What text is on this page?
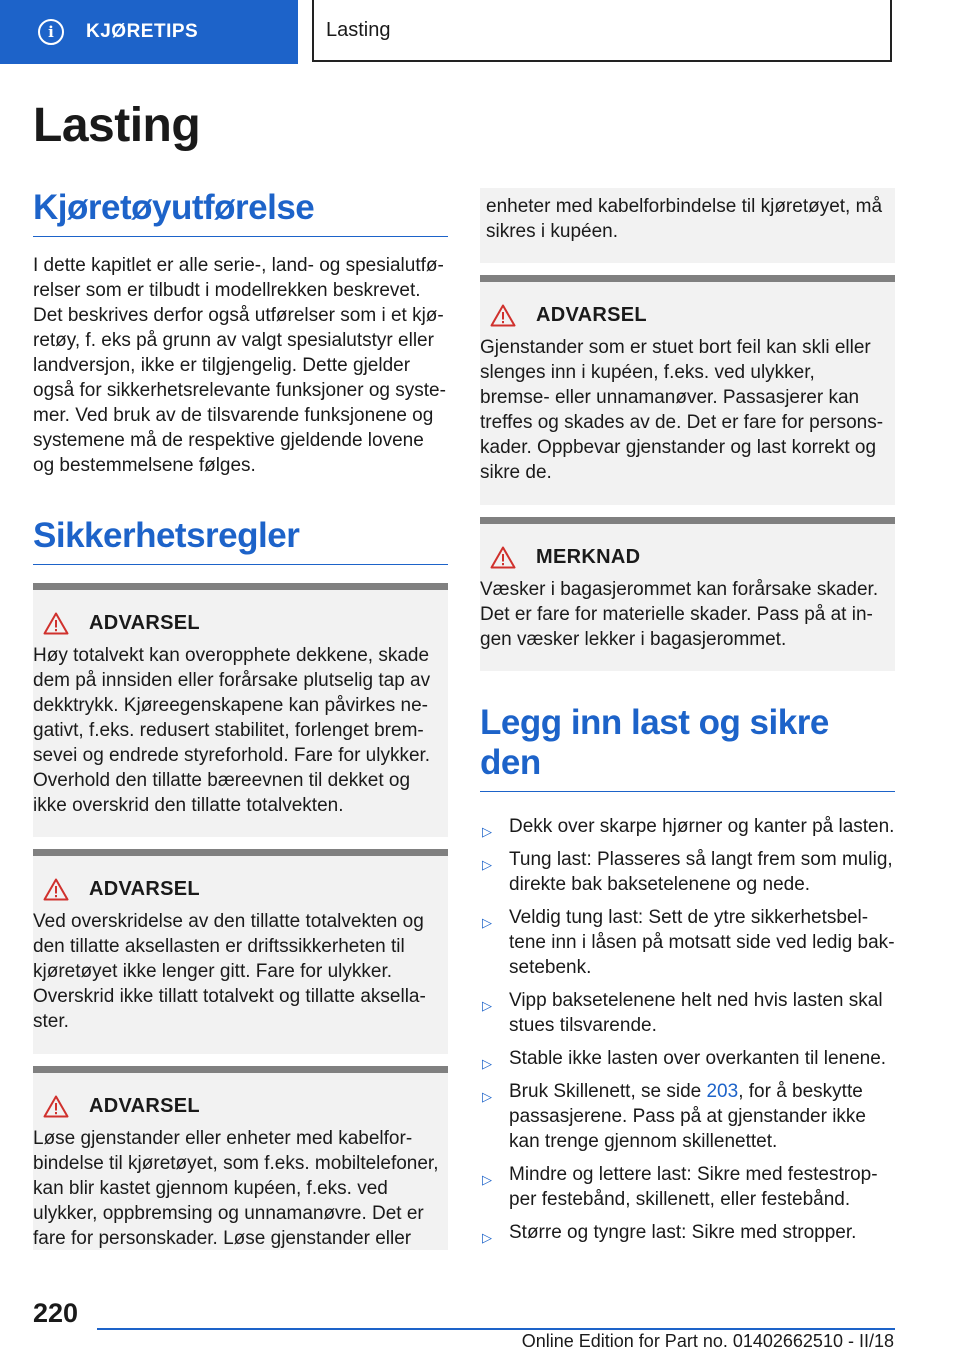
i	KJØRETIPS	Lasting
Lasting
Kjøretøyutførelse

I dette kapitlet er alle serie-, land- og spesialutførelser som er tilbudt i modellrekken beskrevet. Det beskrives derfor også utførelser som i et kjøretøy, f. eks på grunn av valgt spesialutstyr eller landversjon, ikke er tilgjengelig. Dette gjelder også for sikkerhetsrelevante funksjoner og systemer. Ved bruk av de tilsvarende funksjonene og systemene må de respektive gjeldende lovene og bestemmelsene følges.

Sikkerhetsregler
ADVARSEL

Høy totalvekt kan overopphete dekkene, skade dem på innsiden eller forårsake plutselig tap av dekktrykk. Kjøreegenskapene kan påvirkes negativt, f.eks. redusert stabilitet, forlenget bremsevei og endrede styreforhold. Fare for ulykker. Overhold den tillatte bæreevnen til dekket og ikke overskrid den tillatte totalvekten.

ADVARSEL

Ved overskridelse av den tillatte totalvekten og den tillatte aksellasten er driftssikkerheten til kjøretøyet ikke lenger gitt. Fare for ulykker. Overskrid ikke tillatt totalvekt og tillatte aksellaster.

ADVARSEL

Løse gjenstander eller enheter med kabelforbindelse til kjøretøyet, som f.eks. mobiltelefoner, kan blir kastet gjennom kupéen, f.eks. ved ulykker, oppbremsing og unnamanøvre. Det er fare for personskader. Løse gjenstander eller

enheter med kabelforbindelse til kjøretøyet, må sikres i kupéen.

ADVARSEL

Gjenstander som er stuet bort feil kan skli eller slenges inn i kupéen, f.eks. ved ulykker, bremse- eller unnamanøver. Passasjerer kan treffes og skades av de. Det er fare for personskader. Oppbevar gjenstander og last korrekt og sikre de.

MERKNAD

Væsker i bagasjerommet kan forårsake skader. Det er fare for materielle skader. Pass på at ingen væsker lekker i bagasjerommet.

Legg inn last og sikre den
▷ Dekk over skarpe hjørner og kanter på lasten.
▷ Tung last: Plasseres så langt frem som mulig, direkte bak baksetelenene og nede.
▷ Veldig tung last: Sett de ytre sikkerhetsbeltene inn i låsen på motsatt side ved ledig baksetebenk.
▷ Vipp baksetelenene helt ned hvis lasten skal stues tilsvarende.
▷ Stable ikke lasten over overkanten til lenene.
▷ Bruk Skillenett, se side 203, for å beskytte passasjerene. Pass på at gjenstander ikke kan trenge gjennom skillenettet.
▷ Mindre og lettere last: Sikre med festestropper festebånd, skillenett, eller festebånd.
▷ Større og tyngre last: Sikre med stropper.

220

Online Edition for Part no. 01402662510 - II/18
